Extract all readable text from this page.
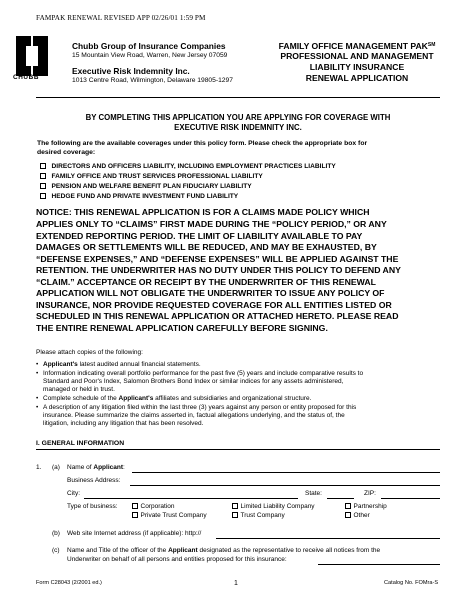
FAMPAK RENEWAL REVISED APP 02/26/01 1:59 PM
CHUBB
Chubb Group of Insurance Companies
15 Mountain View Road, Warren, New Jersey 07059
Executive Risk Indemnity Inc.
1013 Centre Road, Wilmington, Delaware 19805-1297
FAMILY OFFICE MANAGEMENT PAK℠
PROFESSIONAL AND MANAGEMENT
LIABILITY INSURANCE
RENEWAL APPLICATION
BY COMPLETING THIS APPLICATION YOU ARE APPLYING FOR COVERAGE WITH
EXECUTIVE RISK INDEMNITY INC.
The following are the available coverages under this policy form. Please check the appropriate box for
desired coverage:
DIRECTORS AND OFFICERS LIABILITY, INCLUDING EMPLOYMENT PRACTICES LIABILITY
FAMILY OFFICE AND TRUST SERVICES PROFESSIONAL LIABILITY
PENSION AND WELFARE BENEFIT PLAN FIDUCIARY LIABILITY
HEDGE FUND AND PRIVATE INVESTMENT FUND LIABILITY
NOTICE: THIS RENEWAL APPLICATION IS FOR A CLAIMS MADE POLICY WHICH
APPLIES ONLY TO “CLAIMS” FIRST MADE DURING THE “POLICY PERIOD,” OR ANY
EXTENDED REPORTING PERIOD. THE LIMIT OF LIABILITY AVAILABLE TO PAY
DAMAGES OR SETTLEMENTS WILL BE REDUCED, AND MAY BE EXHAUSTED, BY
“DEFENSE EXPENSES,” AND “DEFENSE EXPENSES” WILL BE APPLIED AGAINST THE
RETENTION. THE UNDERWRITER HAS NO DUTY UNDER THIS POLICY TO DEFEND ANY
“CLAIM.” ACCEPTANCE OR RECEIPT BY THE UNDERWRITER OF THIS RENEWAL
APPLICATION WILL NOT OBLIGATE THE UNDERWRITER TO ISSUE ANY POLICY OF
INSURANCE, NOR PROVIDE REQUESTED COVERAGE FOR ALL ENTITIES LISTED OR
SCHEDULED IN THIS RENEWAL APPLICATION OR ATTACHED HERETO. PLEASE READ
THE ENTIRE RENEWAL APPLICATION CAREFULLY BEFORE SIGNING.
Please attach copies of the following:
• Applicant's latest audited annual financial statements.
• Information indicating overall portfolio performance for the past five (5) years and include comparative results to
Standard and Poor's Index, Salomon Brothers Bond Index or similar indices for any assets administered,
managed or held in trust.
• Complete schedule of the Applicant's affiliates and subsidiaries and organizational structure.
• A description of any litigation filed within the last three (3) years against any person or entity proposed for this
insurance. Please summarize the claims asserted in, factual allegations underlying, and the status of, the
litigation, including any litigation that has been resolved.
I. GENERAL INFORMATION
1. (a) Name of Applicant:
Business Address:
City:	State:	ZIP:
Type of business:	Corporation	Limited Liability Company	Partnership
Private Trust Company	Trust Company	Other
(b) Web site Internet address (if applicable): http://
(c) Name and Title of the officer of the Applicant designated as the representative to receive all notices from the
Underwriter on behalf of all persons and entities proposed for this insurance:
Form C28043 (2/2001 ed.)	1	Catalog No. FOMra-S
